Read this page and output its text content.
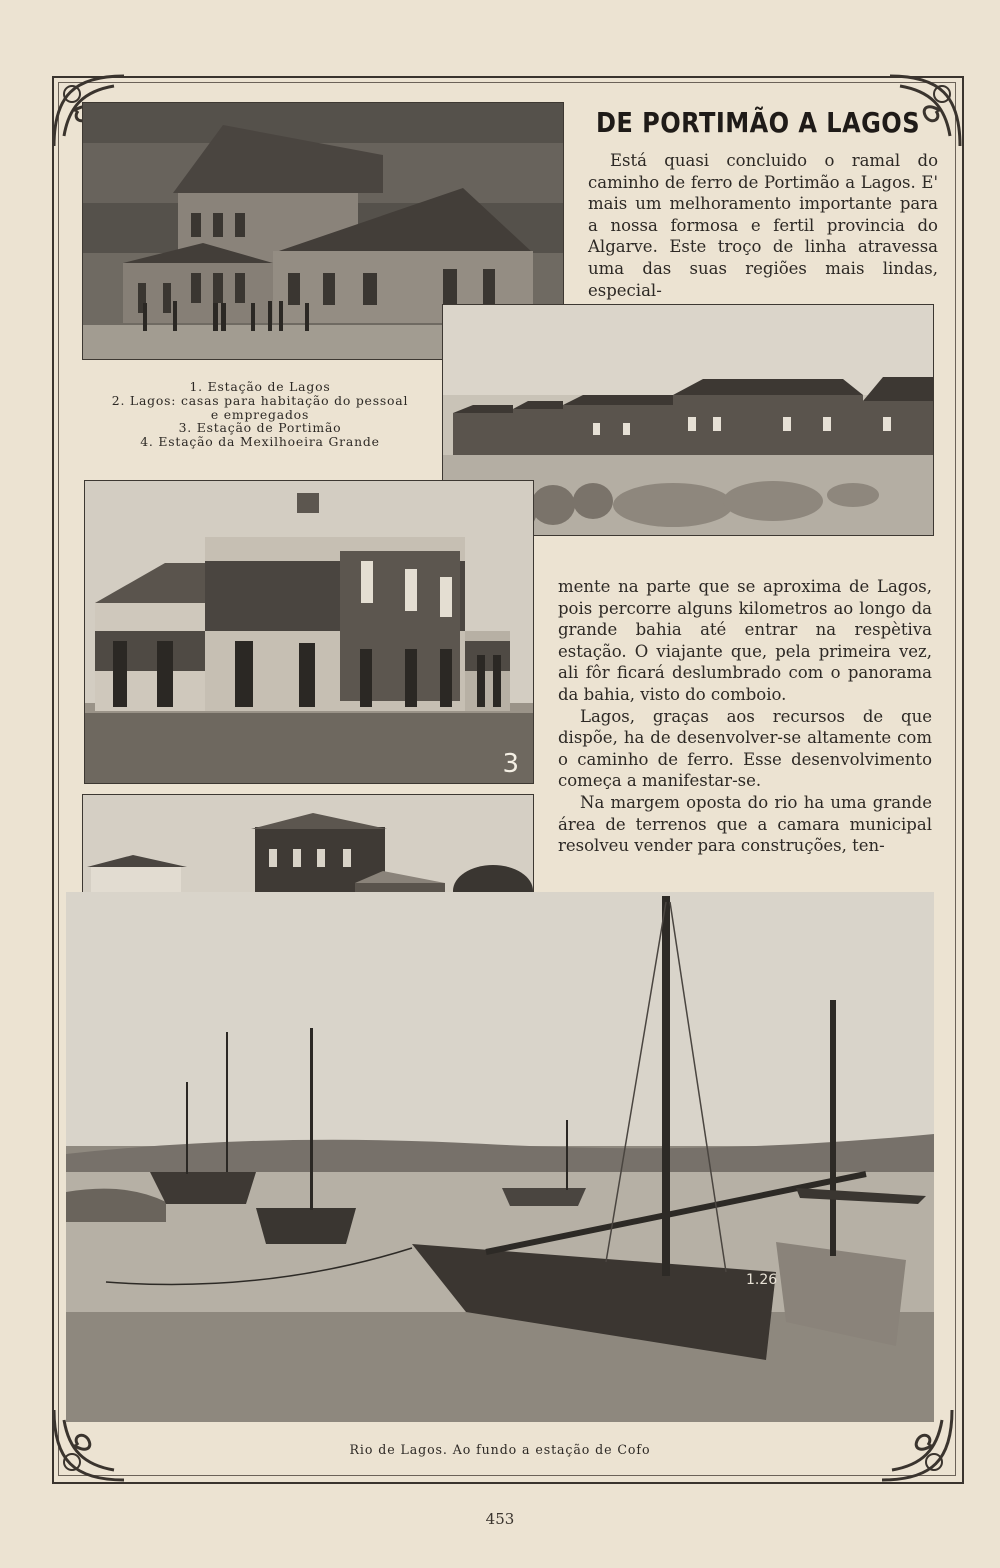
DE PORTIMÃO A LAGOS

Está quasi concluido o ramal do caminho de ferro de Portimão a Lagos. E' mais um melhoramento importante para a nossa formosa e fertil provincia do Algarve. Este troço de linha atravessa uma das suas regiões mais lindas, especial-

1. Estação de Lagos
2. Lagos: casas para habitação do pessoal
e empregados
3. Estação de Portimão
4. Estação da Mexilhoeira Grande
3

mente na parte que se aproxima de Lagos, pois percorre alguns kilometros ao longo da grande bahia até entrar na respètiva estação. O viajante que, pela primeira vez, ali fôr ficará deslumbrado com o panorama da bahia, visto do comboio.

Lagos, graças aos recursos de que dispõe, ha de desenvolver-se altamente com o caminho de ferro. Esse desenvolvimento começa a manifestar-se.

Na margem oposta do rio ha uma grande área de terrenos que a camara municipal resolveu vender para construções, ten-

1.26
Rio de Lagos. Ao fundo a estação de Cofo
453
